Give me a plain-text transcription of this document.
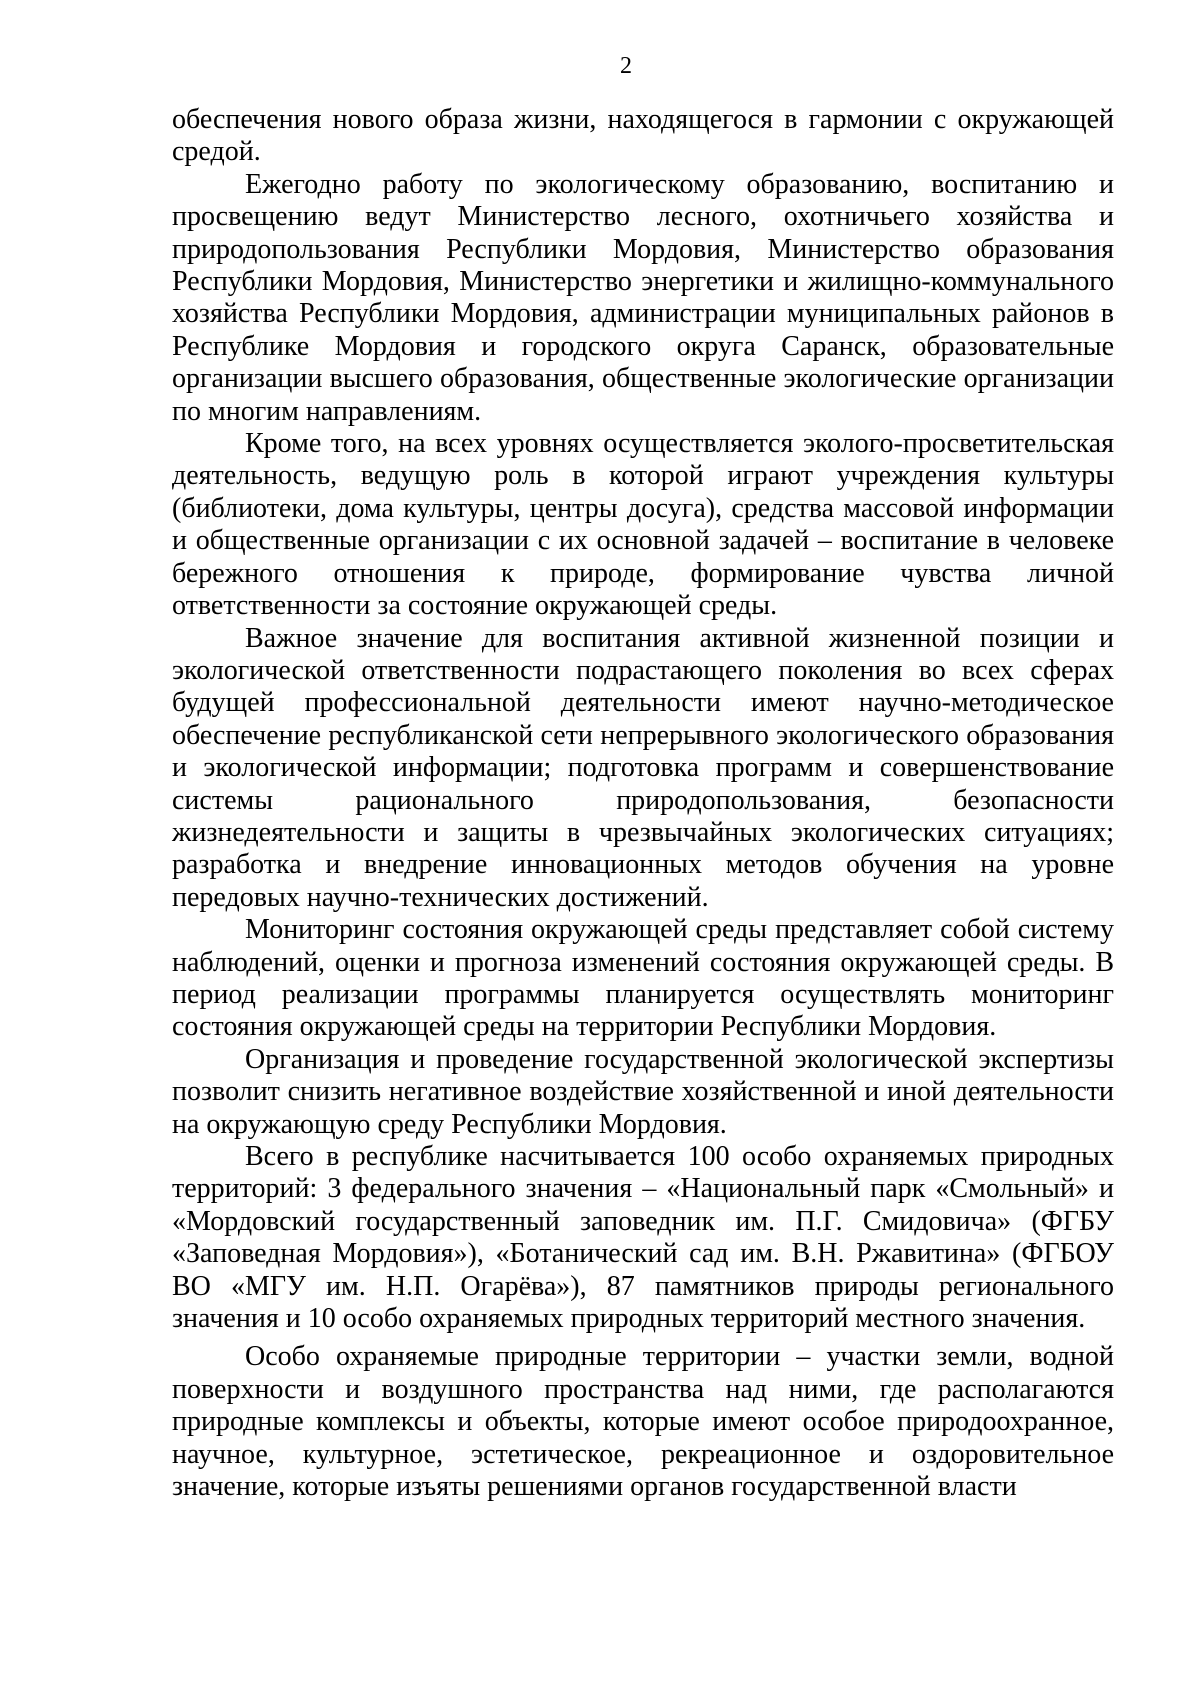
2

обеспечения нового образа жизни, находящегося в гармонии с окружающей средой.

Ежегодно работу по экологическому образованию, воспитанию и просвещению ведут Министерство лесного, охотничьего хозяйства и природопользования Республики Мордовия, Министерство образования Республики Мордовия, Министерство энергетики и жилищно-коммунального хозяйства Республики Мордовия, администрации муниципальных районов в Республике Мордовия и городского округа Саранск, образовательные организации высшего образования, общественные экологические организации по многим направлениям.

Кроме того, на всех уровнях осуществляется эколого-просветительская деятельность, ведущую роль в которой играют учреждения культуры (библиотеки, дома культуры, центры досуга), средства массовой информации и общественные организации с их основной задачей – воспитание в человеке бережного отношения к природе, формирование чувства личной ответственности за состояние окружающей среды.

Важное значение для воспитания активной жизненной позиции и экологической ответственности подрастающего поколения во всех сферах будущей профессиональной деятельности имеют научно-методическое обеспечение республиканской сети непрерывного экологического образования и экологической информации; подготовка программ и совершенствование системы рационального природопользования, безопасности жизнедеятельности и защиты в чрезвычайных экологических ситуациях; разработка и внедрение инновационных методов обучения на уровне передовых научно-технических достижений.

Мониторинг состояния окружающей среды представляет собой систему наблюдений, оценки и прогноза изменений состояния окружающей среды. В период реализации программы планируется осуществлять мониторинг состояния окружающей среды на территории Республики Мордовия.

Организация и проведение государственной экологической экспертизы позволит снизить негативное воздействие хозяйственной и иной деятельности на окружающую среду Республики Мордовия.

Всего в республике насчитывается 100 особо охраняемых природных территорий: 3 федерального значения – «Национальный парк «Смольный» и «Мордовский государственный заповедник им. П.Г. Смидовича» (ФГБУ «Заповедная Мордовия»), «Ботанический сад им. В.Н. Ржавитина» (ФГБОУ ВО «МГУ им. Н.П. Огарёва»), 87 памятников природы регионального значения и 10 особо охраняемых природных территорий местного значения.

Особо охраняемые природные территории – участки земли, водной поверхности и воздушного пространства над ними, где располагаются природные комплексы и объекты, которые имеют особое природоохранное, научное, культурное, эстетическое, рекреационное и оздоровительное значение, которые изъяты решениями органов государственной власти
